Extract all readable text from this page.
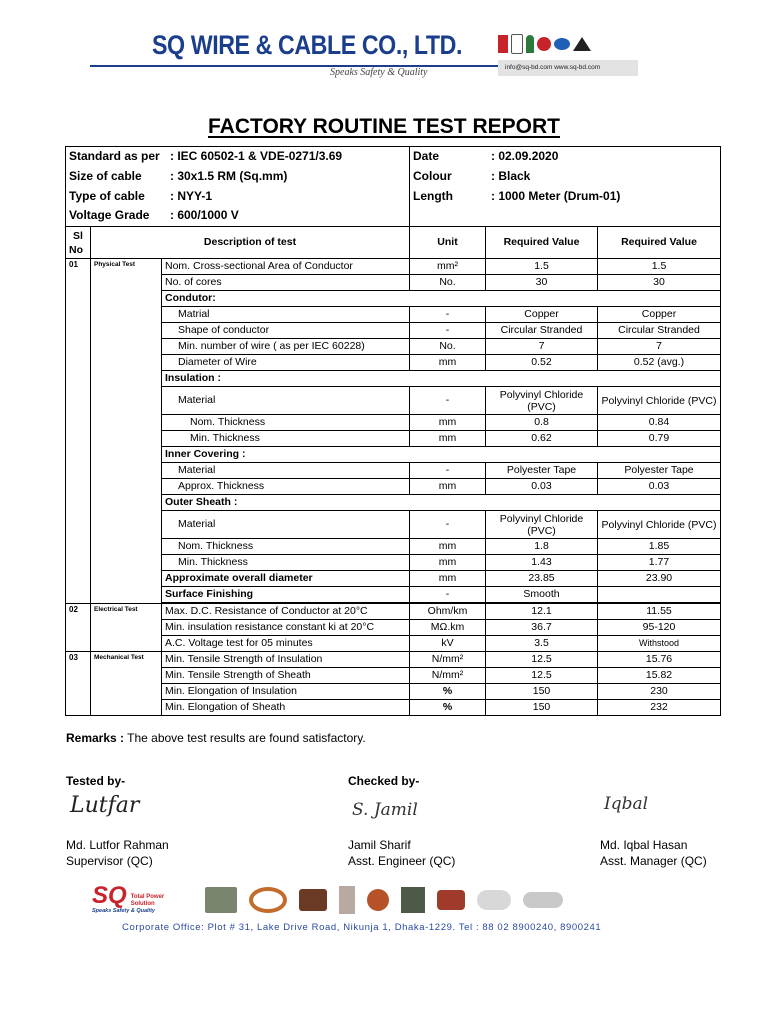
SQ WIRE & CABLE CO., LTD.
Speaks Safety & Quality	info@sq-bd.com www.sq-bd.com
FACTORY ROUTINE TEST REPORT
Standard as per : IEC 60502-1 & VDE-0271/3.69			Date : 02.09.2020		
Size of cable : 30x1.5 RM (Sq.mm)			Colour : Black		
Type of cable : NYY-1			Length : 1000 Meter (Drum-01)		
Voltage Grade : 600/1000 V					

Sl
No	Description of test		Unit	Required Value	Required Value
01	Physical Test	Nom. Cross-sectional Area of Conductor	mm²	1.5	1.5
		No. of cores	No.	30	30
		Condutor:			
		Matrial	-	Copper	Copper
		Shape of conductor	-	Circular Stranded	Circular Stranded
		Min. number of wire ( as per IEC 60228)	No.	7	7
		Diameter of Wire	mm	0.52	0.52 (avg.)
		Insulation :			
		Material	-	Polyvinyl Chloride (PVC)	Polyvinyl Chloride (PVC)
		Nom. Thickness	mm	0.8	0.84
		Min. Thickness	mm	0.62	0.79
		Inner Covering :			
		Material	-	Polyester Tape	Polyester Tape
		Approx. Thickness	mm	0.03	0.03
		Outer Sheath :			
		Material	-	Polyvinyl Chloride (PVC)	Polyvinyl Chloride (PVC)
		Nom. Thickness	mm	1.8	1.85
		Min. Thickness	mm	1.43	1.77
		Approximate overall diameter	mm	23.85	23.90
		Surface Finishing	-	Smooth	

02	Electrical Test	Max. D.C. Resistance of Conductor at 20°C	Ohm/km	12.1	11.55
		Min. insulation resistance constant ki at 20°C	MΩ.km	36.7	95-120
		A.C. Voltage test for 05 minutes	kV	3.5	Withstood
03	Mechanical Test	Min. Tensile Strength of Insulation	N/mm²	12.5	15.76
		Min. Tensile Strength of Sheath	N/mm²	12.5	15.82
		Min. Elongation of Insulation	%	150	230
		Min. Elongation of Sheath	%	150	232
Remarks : The above test results are found satisfactory.
Tested by-	Checked by-
Lutfar	S. Jamil	Iqbal
Md. Lutfor Rahman
Supervisor (QC)
Jamil Sharif
Asst. Engineer (QC)
Md. Iqbal Hasan
Asst. Manager (QC)
SQ Total Power Solution
Speaks Safety & Quality
Corporate Office: Plot # 31, Lake Drive Road, Nikunja 1, Dhaka-1229. Tel : 88 02 8900240, 8900241
